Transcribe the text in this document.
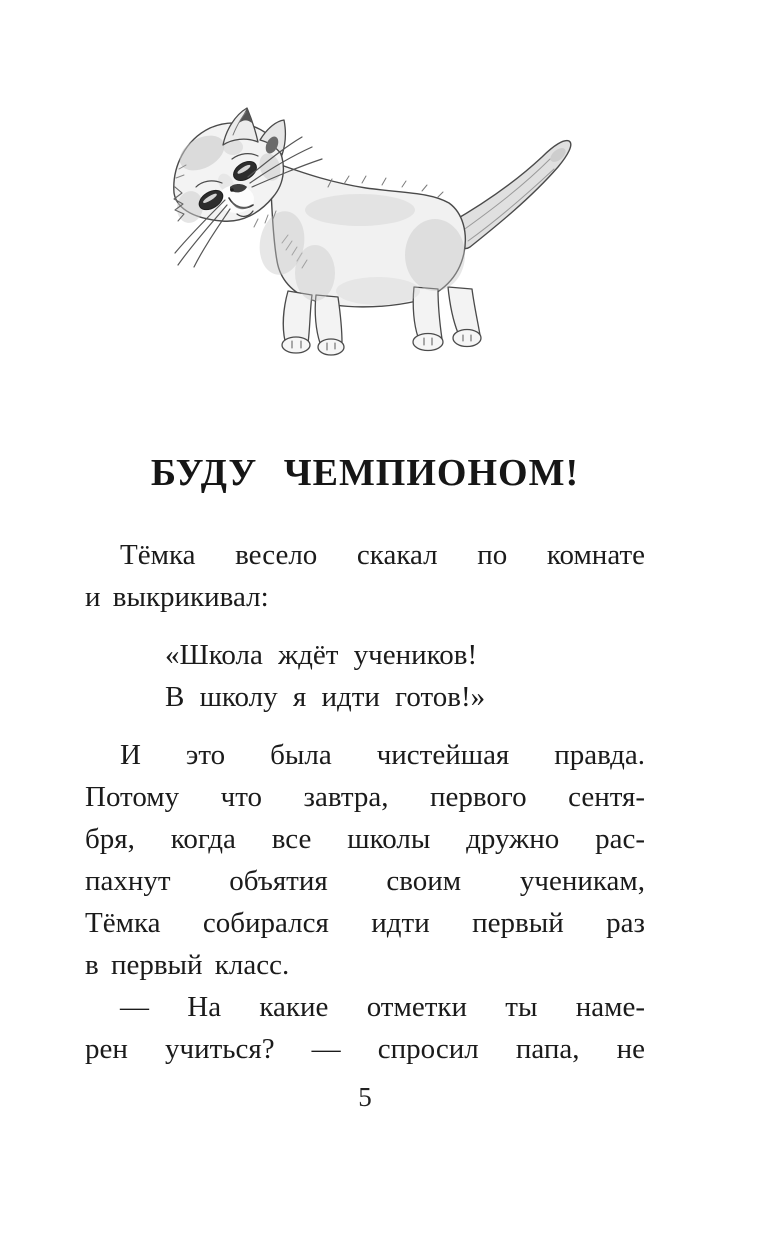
БУДУ ЧЕМПИОНОМ!
Тёмка весело скакал по комнате
и выкрикивал:
«Школа ждёт учеников!
В школу я идти готов!»
И это была чистейшая правда.
Потому что завтра, первого сентя-
бря, когда все школы дружно рас-
пахнут объятия своим ученикам,
Тёмка собирался идти первый раз
в первый класс.
— На какие отметки ты наме-
рен учиться? — спросил папа, не
5
